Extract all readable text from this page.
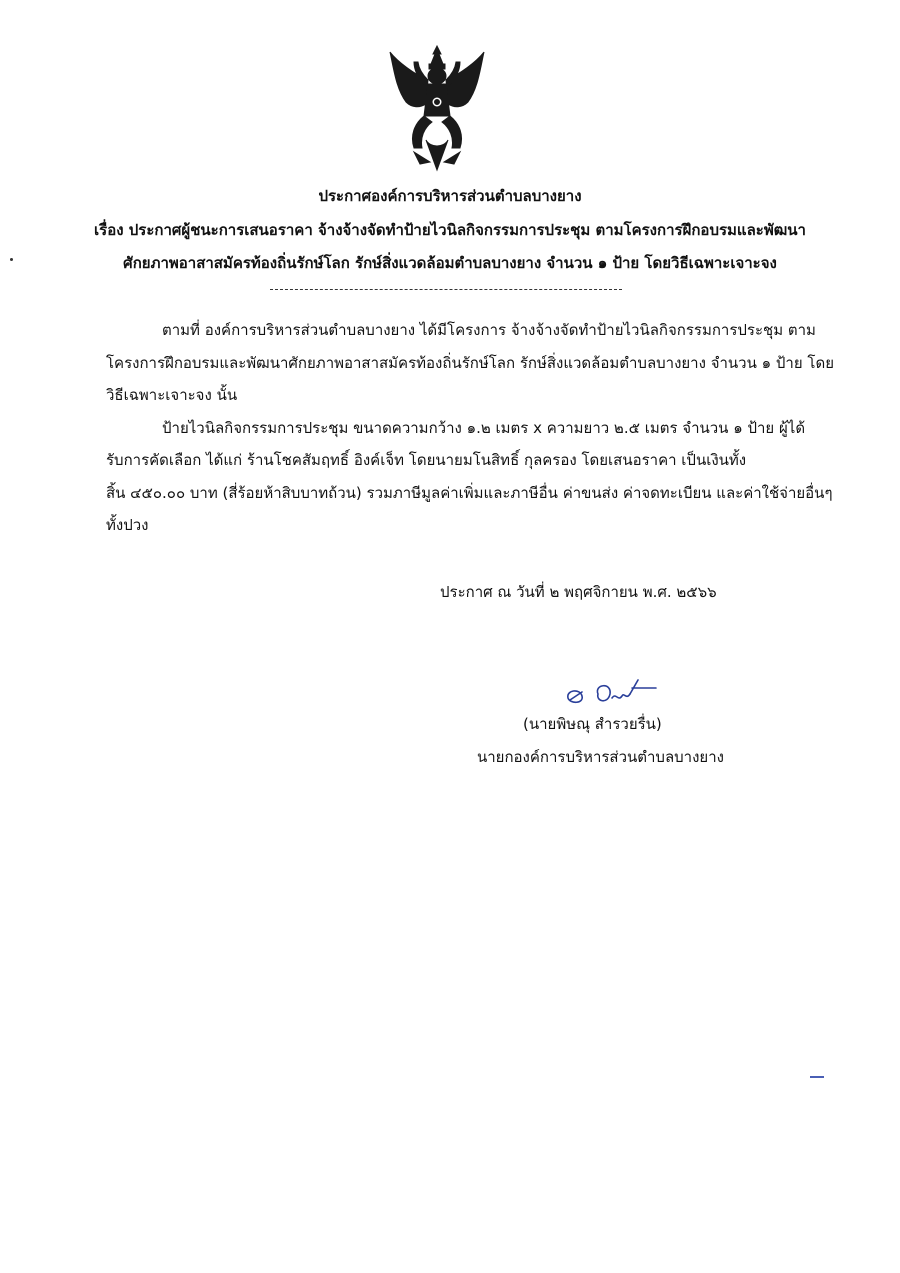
ประกาศองค์การบริหารส่วนตำบลบางยาง
เรื่อง ประกาศผู้ชนะการเสนอราคา จ้างจ้างจัดทำป้ายไวนิลกิจกรรมการประชุม ตามโครงการฝึกอบรมและพัฒนา
ศักยภาพอาสาสมัครท้องถิ่นรักษ์โลก รักษ์สิ่งแวดล้อมตำบลบางยาง จำนวน ๑ ป้าย โดยวิธีเฉพาะเจาะจง
ตามที่ องค์การบริหารส่วนตำบลบางยาง ได้มีโครงการ จ้างจ้างจัดทำป้ายไวนิลกิจกรรมการประชุม ตาม
โครงการฝึกอบรมและพัฒนาศักยภาพอาสาสมัครท้องถิ่นรักษ์โลก รักษ์สิ่งแวดล้อมตำบลบางยาง จำนวน ๑ ป้าย โดย
วิธีเฉพาะเจาะจง นั้น
ป้ายไวนิลกิจกรรมการประชุม ขนาดความกว้าง ๑.๒ เมตร x ความยาว ๒.๕ เมตร จำนวน ๑ ป้าย ผู้ได้
รับการคัดเลือก ได้แก่ ร้านโชคสัมฤทธิ์ อิงค์เจ็ท โดยนายมโนสิทธิ์ กุลครอง โดยเสนอราคา เป็นเงินทั้ง
สิ้น ๔๕๐.๐๐ บาท (สี่ร้อยห้าสิบบาทถ้วน) รวมภาษีมูลค่าเพิ่มและภาษีอื่น ค่าขนส่ง ค่าจดทะเบียน และค่าใช้จ่ายอื่นๆ
ทั้งปวง
ประกาศ ณ วันที่ ๒ พฤศจิกายน พ.ศ. ๒๕๖๖
(นายพิษณุ สำรวยรื่น)
นายกองค์การบริหารส่วนตำบลบางยาง
